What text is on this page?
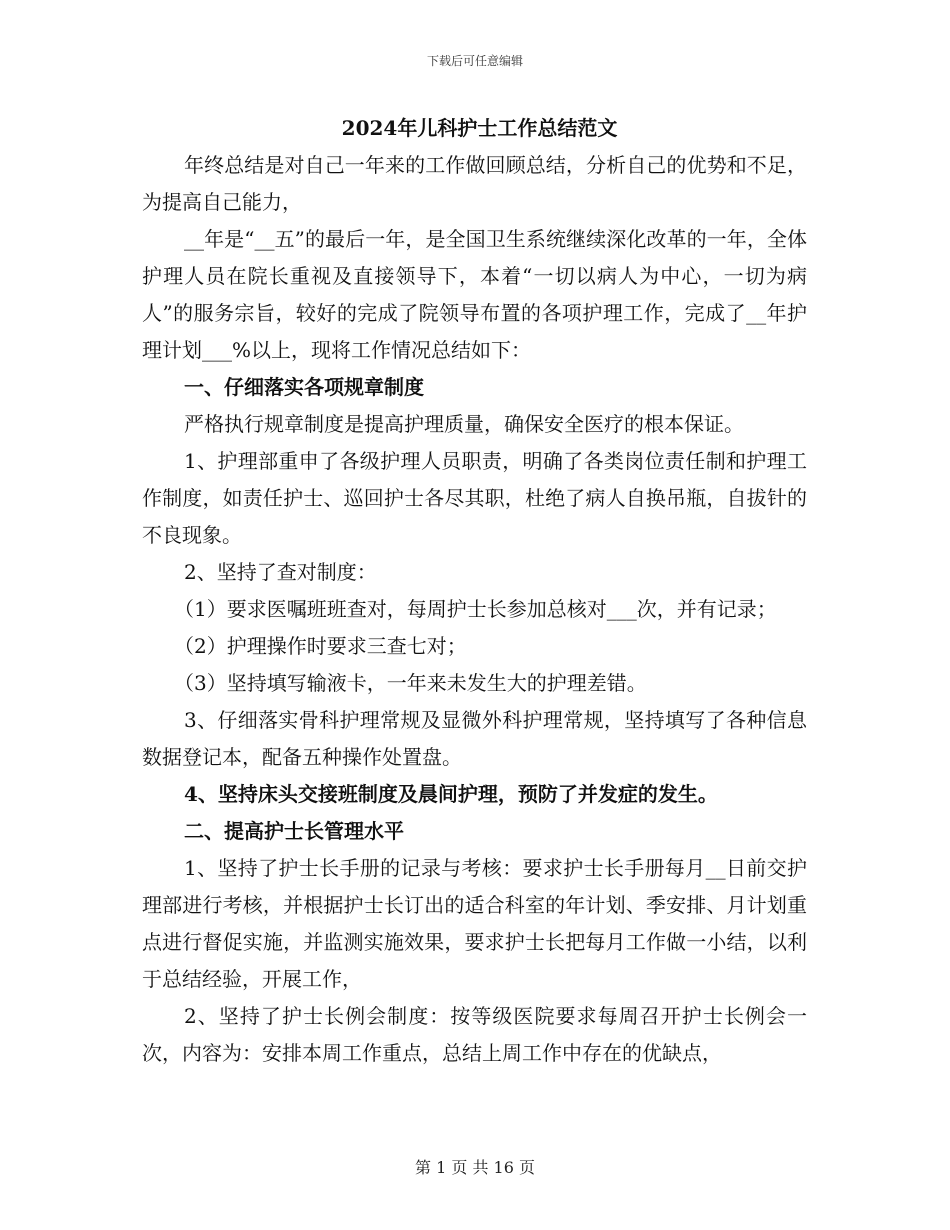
下载后可任意编辑
2024年儿科护士工作总结范文

年终总结是对自己一年来的工作做回顾总结，分析自己的优势和不足，为提高自己能力，

__年是“__五”的最后一年，是全国卫生系统继续深化改革的一年，全体护理人员在院长重视及直接领导下，本着“一切以病人为中心，一切为病人”的服务宗旨，较好的完成了院领导布置的各项护理工作，完成了__年护理计划___%以上，现将工作情况总结如下：

一、仔细落实各项规章制度

严格执行规章制度是提高护理质量，确保安全医疗的根本保证。

1、护理部重申了各级护理人员职责，明确了各类岗位责任制和护理工作制度，如责任护士、巡回护士各尽其职，杜绝了病人自换吊瓶，自拔针的不良现象。

2、坚持了查对制度：

（1）要求医嘱班班查对，每周护士长参加总核对___次，并有记录；

（2）护理操作时要求三查七对；

（3）坚持填写输液卡，一年来未发生大的护理差错。

3、仔细落实骨科护理常规及显微外科护理常规，坚持填写了各种信息数据登记本，配备五种操作处置盘。

4、坚持床头交接班制度及晨间护理，预防了并发症的发生。

二、提高护士长管理水平

1、坚持了护士长手册的记录与考核：要求护士长手册每月__日前交护理部进行考核，并根据护士长订出的适合科室的年计划、季安排、月计划重点进行督促实施，并监测实施效果，要求护士长把每月工作做一小结，以利于总结经验，开展工作，

2、坚持了护士长例会制度：按等级医院要求每周召开护士长例会一次，内容为：安排本周工作重点，总结上周工作中存在的优缺点，

第 1 页 共 16 页
